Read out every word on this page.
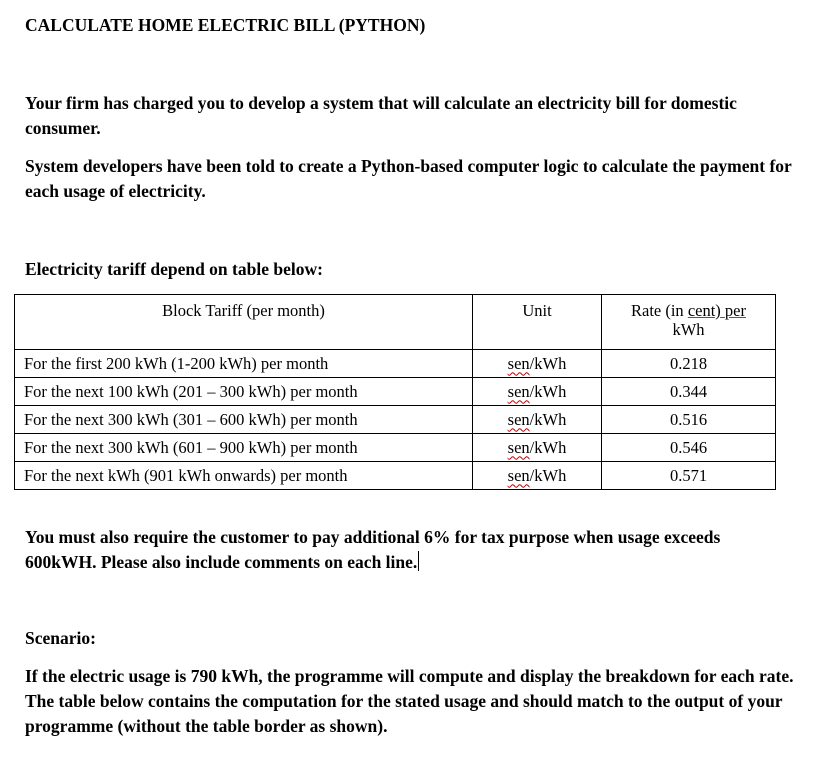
CALCULATE HOME ELECTRIC BILL (PYTHON)
Your firm has charged you to develop a system that will calculate an electricity bill for domestic consumer.
System developers have been told to create a Python-based computer logic to calculate the payment for each usage of electricity.
Electricity tariff depend on table below:
Block Tariff (per month)	Unit	Rate (in cent) per
kWh
For the first 200 kWh (1-200 kWh) per month	sen/kWh	0.218
For the next 100 kWh (201 – 300 kWh) per month	sen/kWh	0.344
For the next 300 kWh (301 – 600 kWh) per month	sen/kWh	0.516
For the next 300 kWh (601 – 900 kWh) per month	sen/kWh	0.546
For the next kWh (901 kWh onwards) per month	sen/kWh	0.571
You must also require the customer to pay additional 6% for tax purpose when usage exceeds 600kWH. Please also include comments on each line.
Scenario:
If the electric usage is 790 kWh, the programme will compute and display the breakdown for each rate. The table below contains the computation for the stated usage and should match to the output of your programme (without the table border as shown).
